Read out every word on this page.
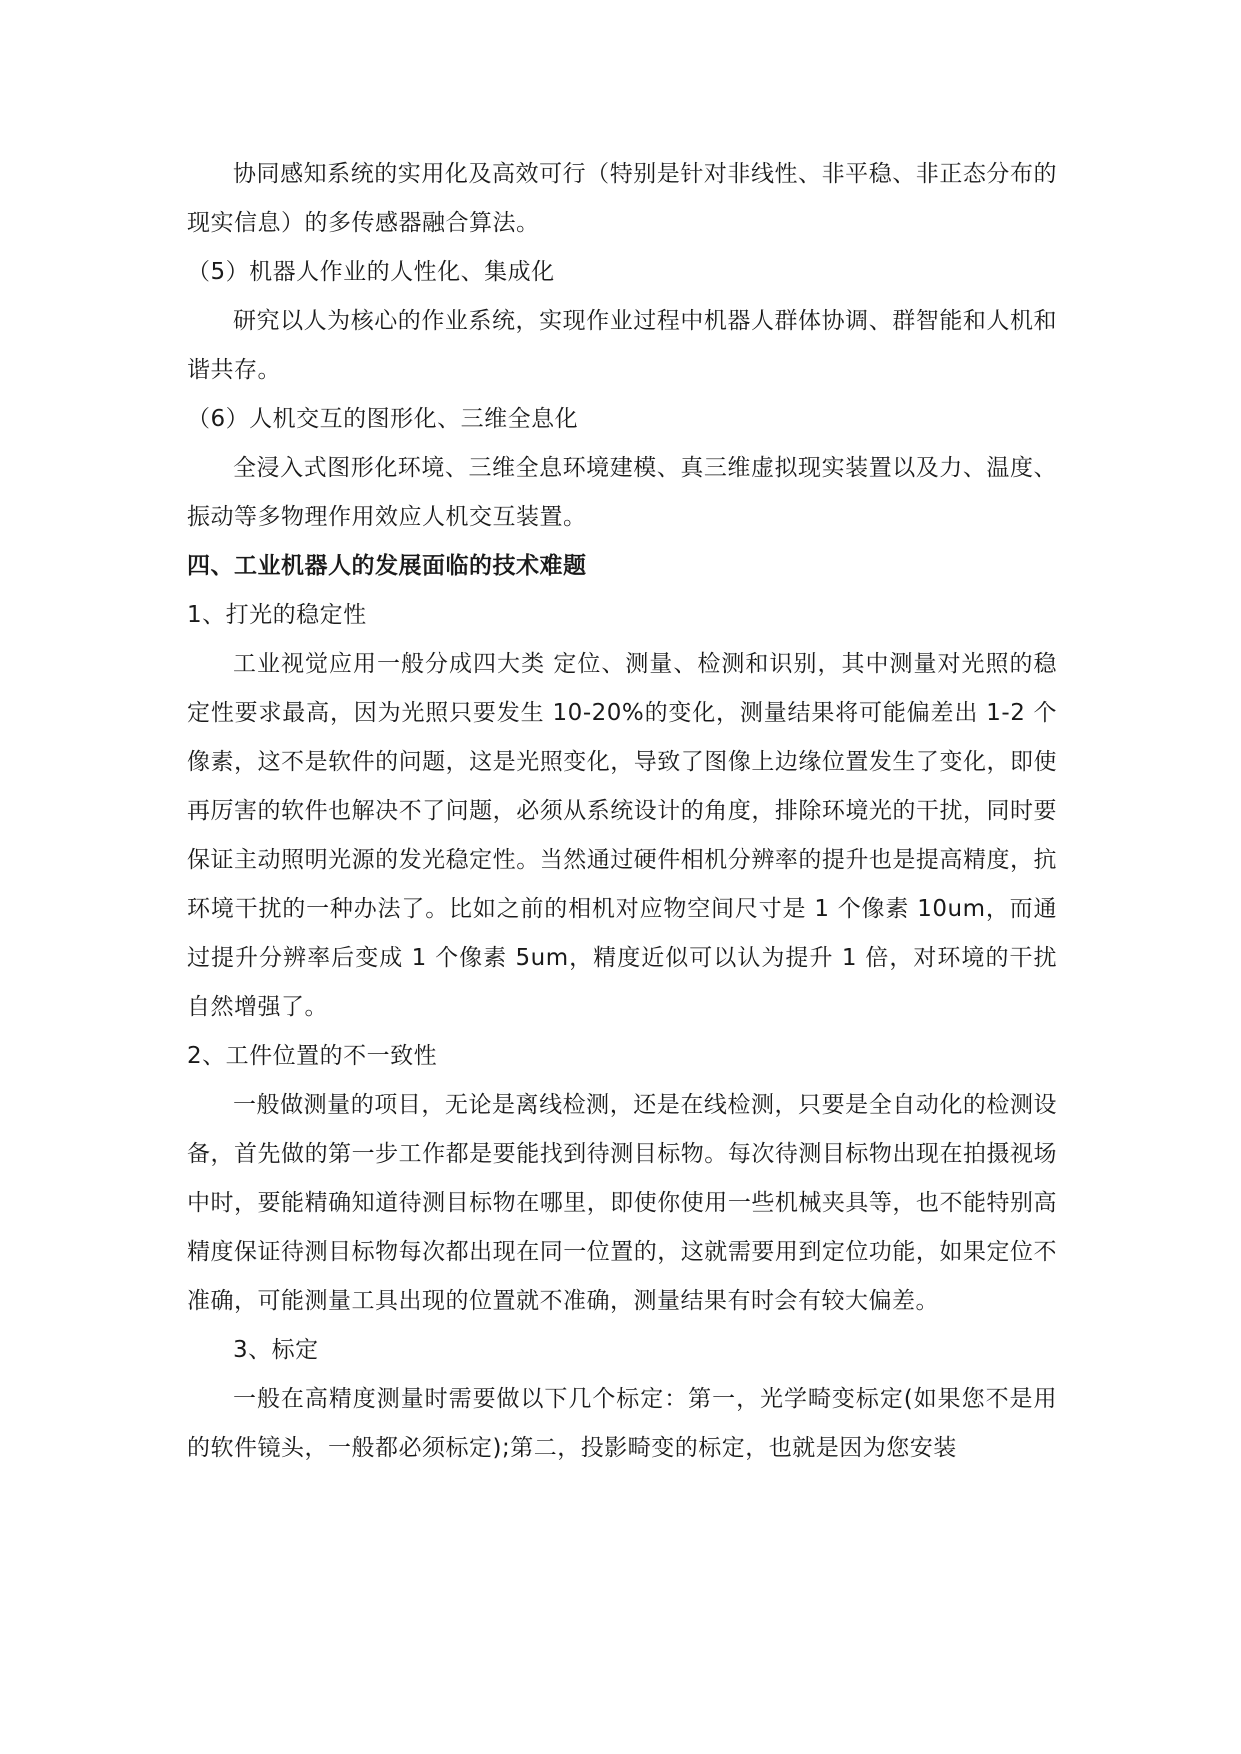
协同感知系统的实用化及高效可行（特别是针对非线性、非平稳、非正态分布的现实信息）的多传感器融合算法。

（5）机器人作业的人性化、集成化

研究以人为核心的作业系统，实现作业过程中机器人群体协调、群智能和人机和谐共存。

（6）人机交互的图形化、三维全息化

全浸入式图形化环境、三维全息环境建模、真三维虚拟现实装置以及力、温度、振动等多物理作用效应人机交互装置。

四、工业机器人的发展面临的技术难题

1、打光的稳定性

工业视觉应用一般分成四大类 定位、测量、检测和识别，其中测量对光照的稳定性要求最高，因为光照只要发生 10-20%的变化，测量结果将可能偏差出 1-2 个像素，这不是软件的问题，这是光照变化，导致了图像上边缘位置发生了变化，即使再厉害的软件也解决不了问题，必须从系统设计的角度，排除环境光的干扰，同时要保证主动照明光源的发光稳定性。当然通过硬件相机分辨率的提升也是提高精度，抗环境干扰的一种办法了。比如之前的相机对应物空间尺寸是 1 个像素 10um，而通过提升分辨率后变成 1 个像素 5um，精度近似可以认为提升 1 倍，对环境的干扰自然增强了。

2、工件位置的不一致性

一般做测量的项目，无论是离线检测，还是在线检测，只要是全自动化的检测设备，首先做的第一步工作都是要能找到待测目标物。每次待测目标物出现在拍摄视场中时，要能精确知道待测目标物在哪里，即使你使用一些机械夹具等，也不能特别高精度保证待测目标物每次都出现在同一位置的，这就需要用到定位功能，如果定位不准确，可能测量工具出现的位置就不准确，测量结果有时会有较大偏差。

3、标定

一般在高精度测量时需要做以下几个标定：第一，光学畸变标定(如果您不是用的软件镜头，一般都必须标定);第二，投影畸变的标定，也就是因为您安装
